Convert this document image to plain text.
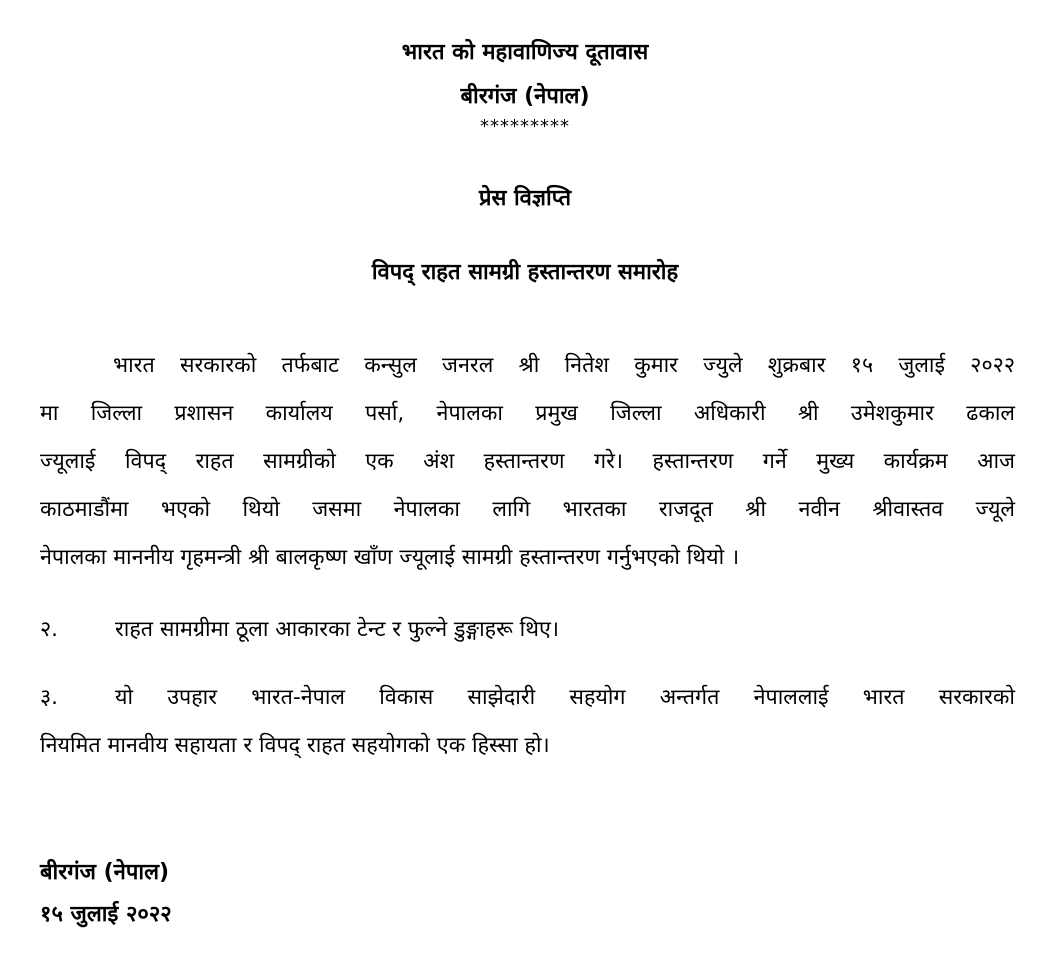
भारत को महावाणिज्य दूतावास
बीरगंज (नेपाल)
*********
प्रेस विज्ञप्ति
विपद् राहत सामग्री हस्तान्तरण समारोह
भारत सरकारको तर्फबाट कन्सुल जनरल श्री नितेश कुमार ज्युले शुक्रबार १५ जुलाई २०२२
मा जिल्ला प्रशासन कार्यालय पर्सा, नेपालका प्रमुख जिल्ला अधिकारी श्री उमेशकुमार ढकाल
ज्यूलाई विपद् राहत सामग्रीको एक अंश हस्तान्तरण गरे। हस्तान्तरण गर्ने मुख्य कार्यक्रम आज
काठमाडौंमा भएको थियो जसमा नेपालका लागि भारतका राजदूत श्री नवीन श्रीवास्तव ज्यूले
नेपालका माननीय गृहमन्त्री श्री बालकृष्ण खाँण ज्यूलाई सामग्री हस्तान्तरण गर्नुभएको थियो ।
२.	राहत सामग्रीमा ठूला आकारका टेन्ट र फुल्ने डुङ्गाहरू थिए।
३.	यो उपहार भारत-नेपाल विकास साझेदारी सहयोग अन्तर्गत नेपाललाई भारत सरकारको
नियमित मानवीय सहायता र विपद् राहत सहयोगको एक हिस्सा हो।
बीरगंज (नेपाल)
१५ जुलाई २०२२
